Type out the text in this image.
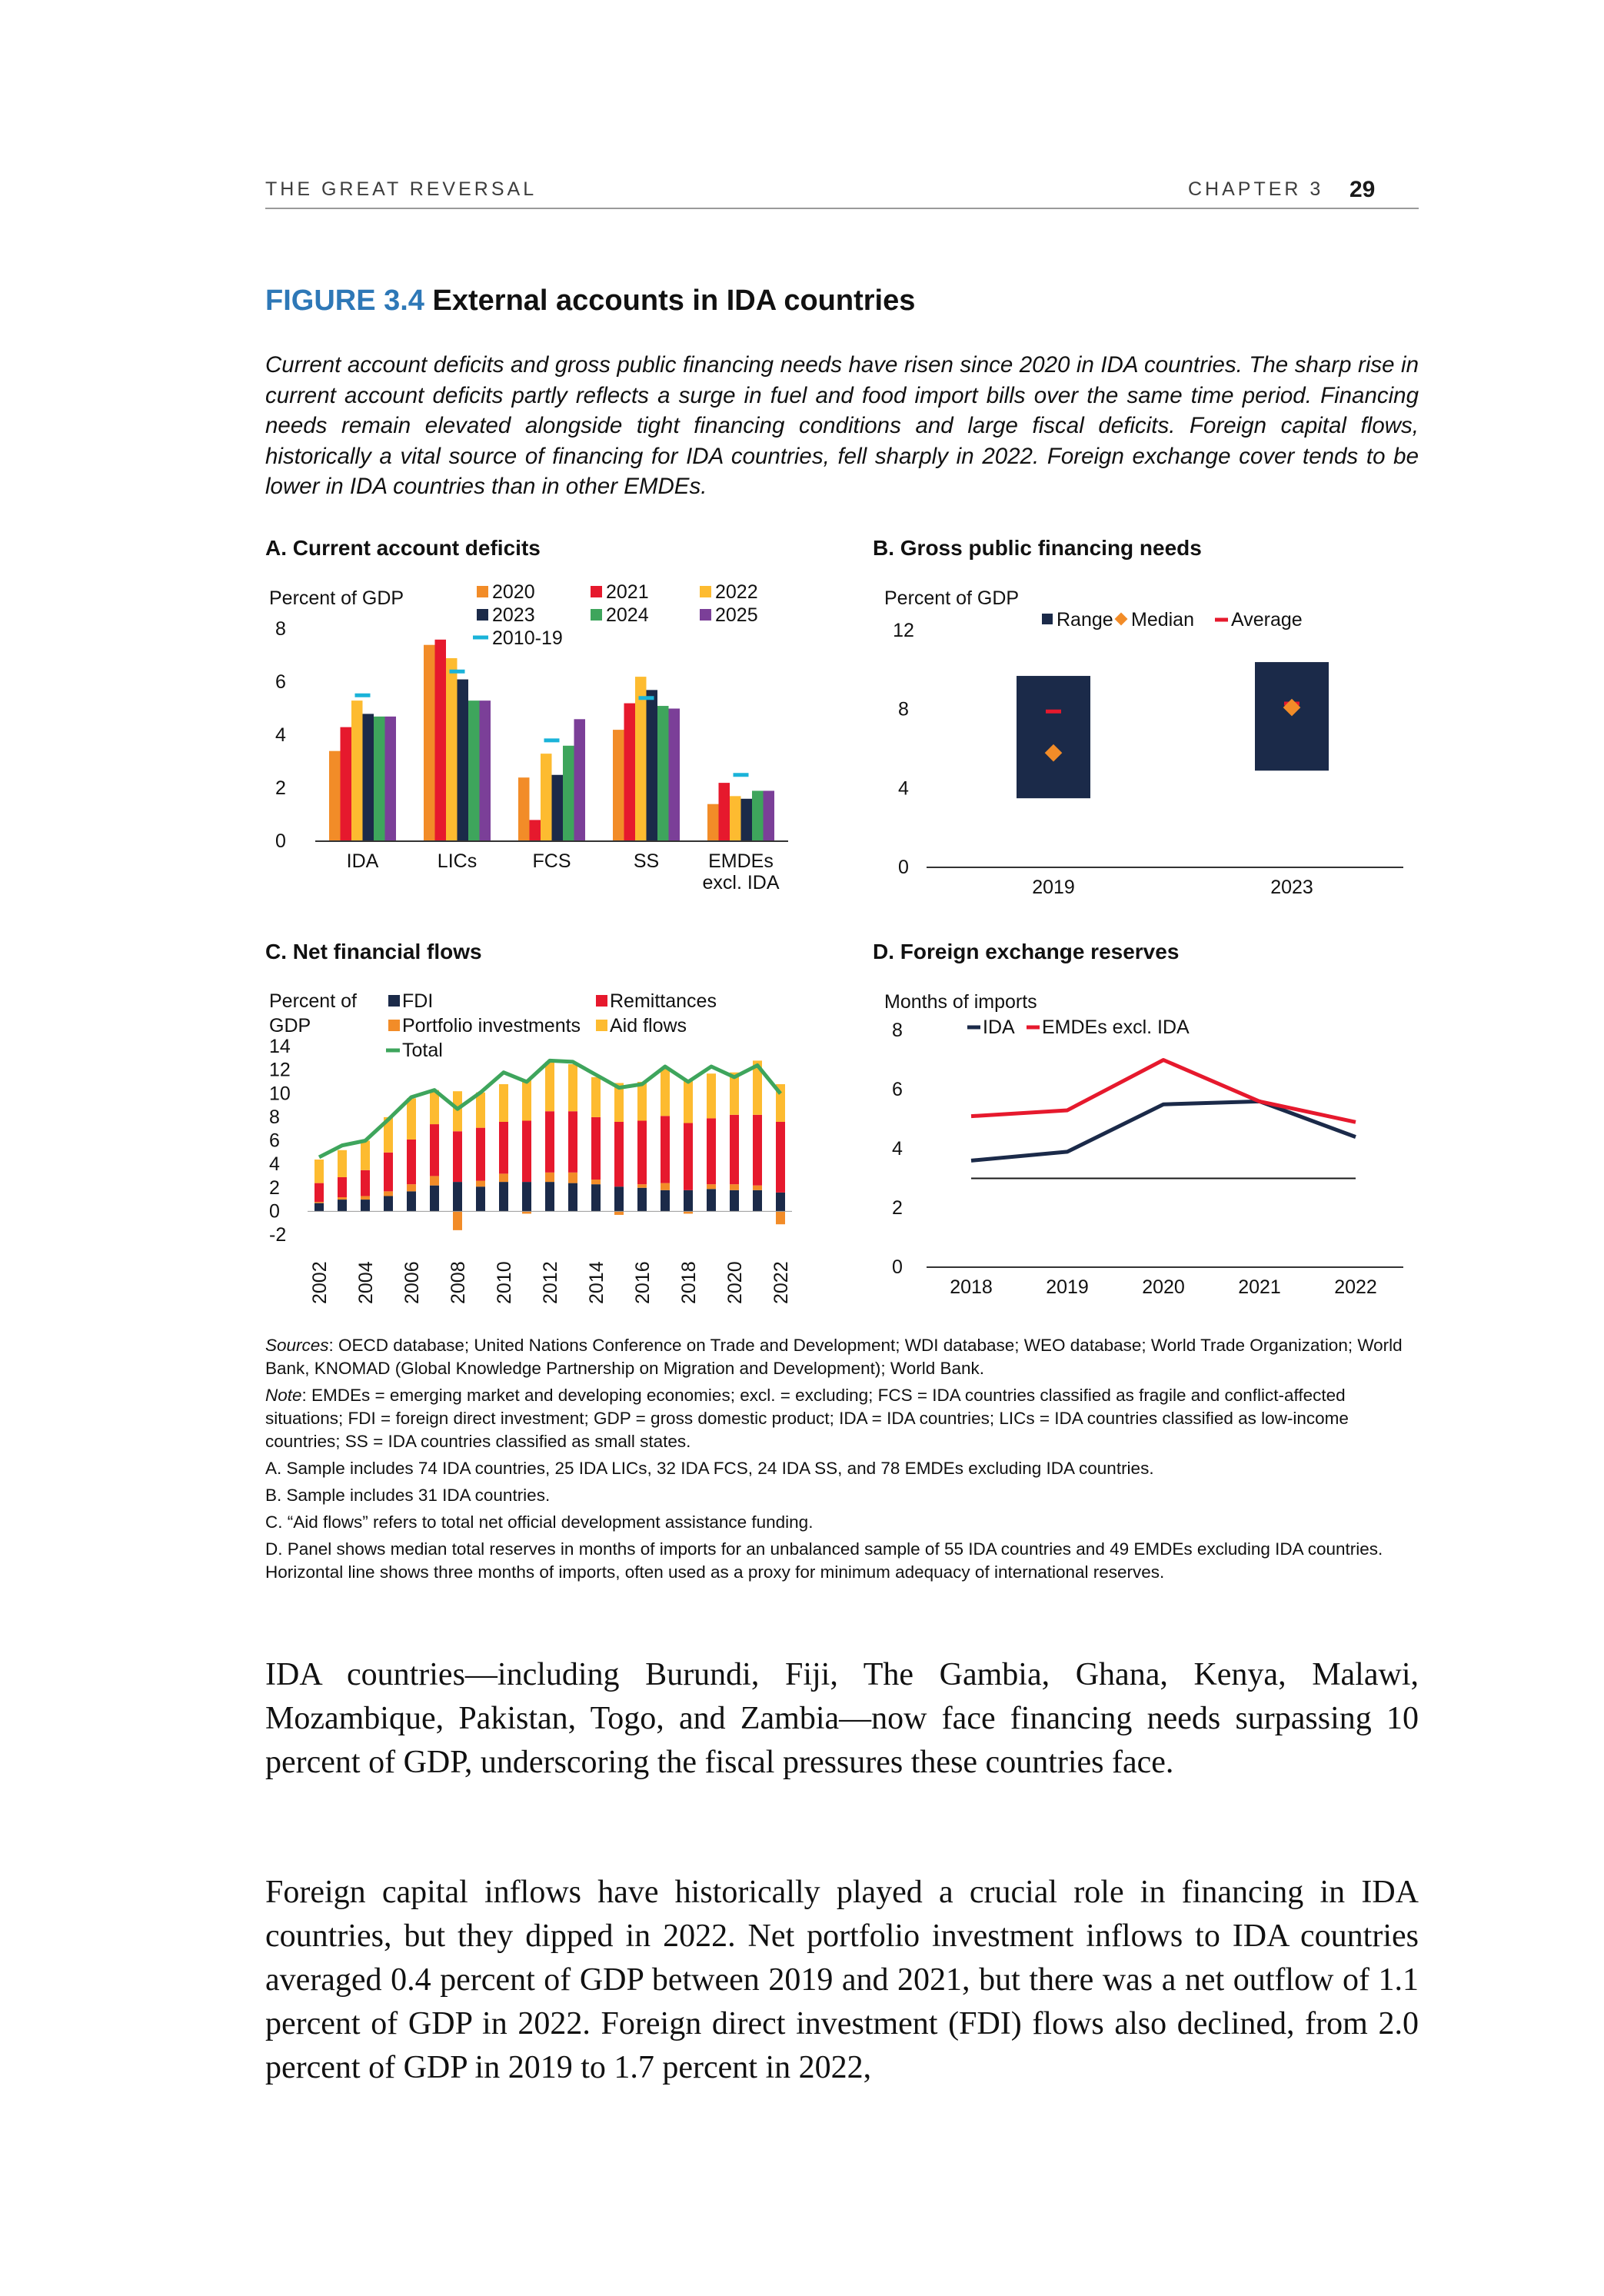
THE GREAT REVERSAL	CHAPTER 3 29
FIGURE 3.4 External accounts in IDA countries

Current account deficits and gross public financing needs have risen since 2020 in IDA countries. The sharp rise in current account deficits partly reflects a surge in fuel and food import bills over the same time period. Financing needs remain elevated alongside tight financing conditions and large fiscal deficits. Foreign capital flows, historically a vital source of financing for IDA countries, fell sharply in 2022. Foreign exchange cover tends to be lower in IDA countries than in other EMDEs.

A. Current account deficits
Percent of GDP
0
2
4
6
8
IDA	LICs	FCS	SS	EMDEs
excl. IDA
2020	2021	2022
2023	2024	2025
2010-19
B. Gross public financing needs
Percent of GDP
0
4
8
12
2019	2023
Range Median Average
C. Net financial flows
Percent of
GDP
-2
0
2
4
6
8
10
12
14
2002 2004 2006 2008 2010 2012 2014 2016 2018 2020 2022
FDI
Portfolio investments
Total
Remittances
Aid flows
D. Foreign exchange reserves
Months of imports
0
2
4
6
8
2018	2019	2020	2021	2022
IDA EMDEs excl. IDA

Sources: OECD database; United Nations Conference on Trade and Development; WDI database; WEO database; World Trade Organization; World Bank, KNOMAD (Global Knowledge Partnership on Migration and Development); World Bank.

Note: EMDEs = emerging market and developing economies; excl. = excluding; FCS = IDA countries classified as fragile and conflict-affected situations; FDI = foreign direct investment; GDP = gross domestic product; IDA = IDA countries; LICs = IDA countries classified as low-income countries; SS = IDA countries classified as small states.

A. Sample includes 74 IDA countries, 25 IDA LICs, 32 IDA FCS, 24 IDA SS, and 78 EMDEs excluding IDA countries.

B. Sample includes 31 IDA countries.

C. “Aid flows” refers to total net official development assistance funding.

D. Panel shows median total reserves in months of imports for an unbalanced sample of 55 IDA countries and 49 EMDEs excluding IDA countries. Horizontal line shows three months of imports, often used as a proxy for minimum adequacy of international reserves.

IDA countries—including Burundi, Fiji, The Gambia, Ghana, Kenya, Malawi, Mozambique, Pakistan, Togo, and Zambia—now face financing needs surpassing 10 percent of GDP, underscoring the fiscal pressures these countries face.

Foreign capital inflows have historically played a crucial role in financing in IDA countries, but they dipped in 2022. Net portfolio investment inflows to IDA countries averaged 0.4 percent of GDP between 2019 and 2021, but there was a net outflow of 1.1 percent of GDP in 2022. Foreign direct investment (FDI) flows also declined, from 2.0 percent of GDP in 2019 to 1.7 percent in 2022,
